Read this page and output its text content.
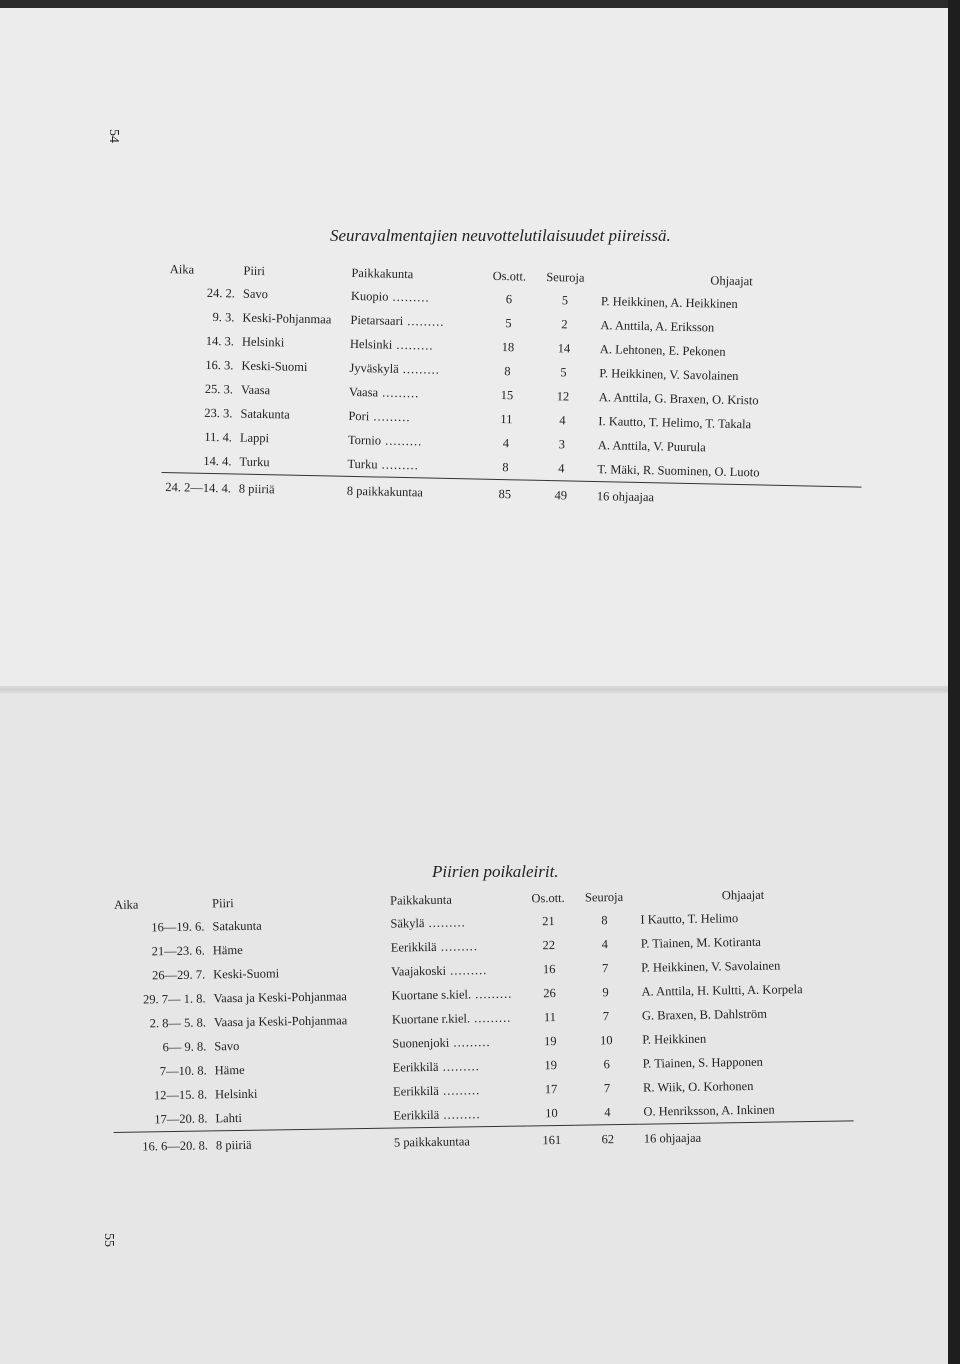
54
55
Seuravalmentajien neuvottelutilaisuudet piireissä.
Aika	Piiri	Paikkakunta	Os.ott.	Seuroja	Ohjaajat
24. 2.	Savo	Kuopio .....	6	5	P. Heikkinen, A. Heikkinen
9. 3.	Keski-Pohjanmaa	Pietarsaari .....	5	2	A. Anttila, A. Eriksson
14. 3.	Helsinki	Helsinki .....	18	14	A. Lehtonen, E. Pekonen
16. 3.	Keski-Suomi	Jyväskylä .....	8	5	P. Heikkinen, V. Savolainen
25. 3.	Vaasa	Vaasa .....	15	12	A. Anttila, G. Braxen, O. Kristo
23. 3.	Satakunta	Pori .....	11	4	I. Kautto, T. Helimo, T. Takala
11. 4.	Lappi	Tornio .....	4	3	A. Anttila, V. Puurula
14. 4.	Turku	Turku .....	8	4	T. Mäki, R. Suominen, O. Luoto
24. 2—14. 4.	8 piiriä	8 paikkakuntaa	85	49	16 ohjaajaa
Piirien poikaleirit.
Aika	Piiri	Paikkakunta	Os.ott.	Seuroja	Ohjaajat
16—19. 6.	Satakunta	Säkylä .....	21	8	I Kautto, T. Helimo
21—23. 6.	Häme	Eerikkilä .....	22	4	P. Tiainen, M. Kotiranta
26—29. 7.	Keski-Suomi	Vaajakoski .....	16	7	P. Heikkinen, V. Savolainen
29. 7— 1. 8.	Vaasa ja Keski-Pohjanmaa	Kuortane s.kiel. .....	26	9	A. Anttila, H. Kultti, A. Korpela
2. 8— 5. 8.	Vaasa ja Keski-Pohjanmaa	Kuortane r.kiel. .....	11	7	G. Braxen, B. Dahlström
6— 9. 8.	Savo	Suonenjoki .....	19	10	P. Heikkinen
7—10. 8.	Häme	Eerikkilä .....	19	6	P. Tiainen, S. Happonen
12—15. 8.	Helsinki	Eerikkilä .....	17	7	R. Wiik, O. Korhonen
17—20. 8.	Lahti	Eerikkilä .....	10	4	O. Henriksson, A. Inkinen
16. 6—20. 8.	8 piiriä	5 paikkakuntaa	161	62	16 ohjaajaa
